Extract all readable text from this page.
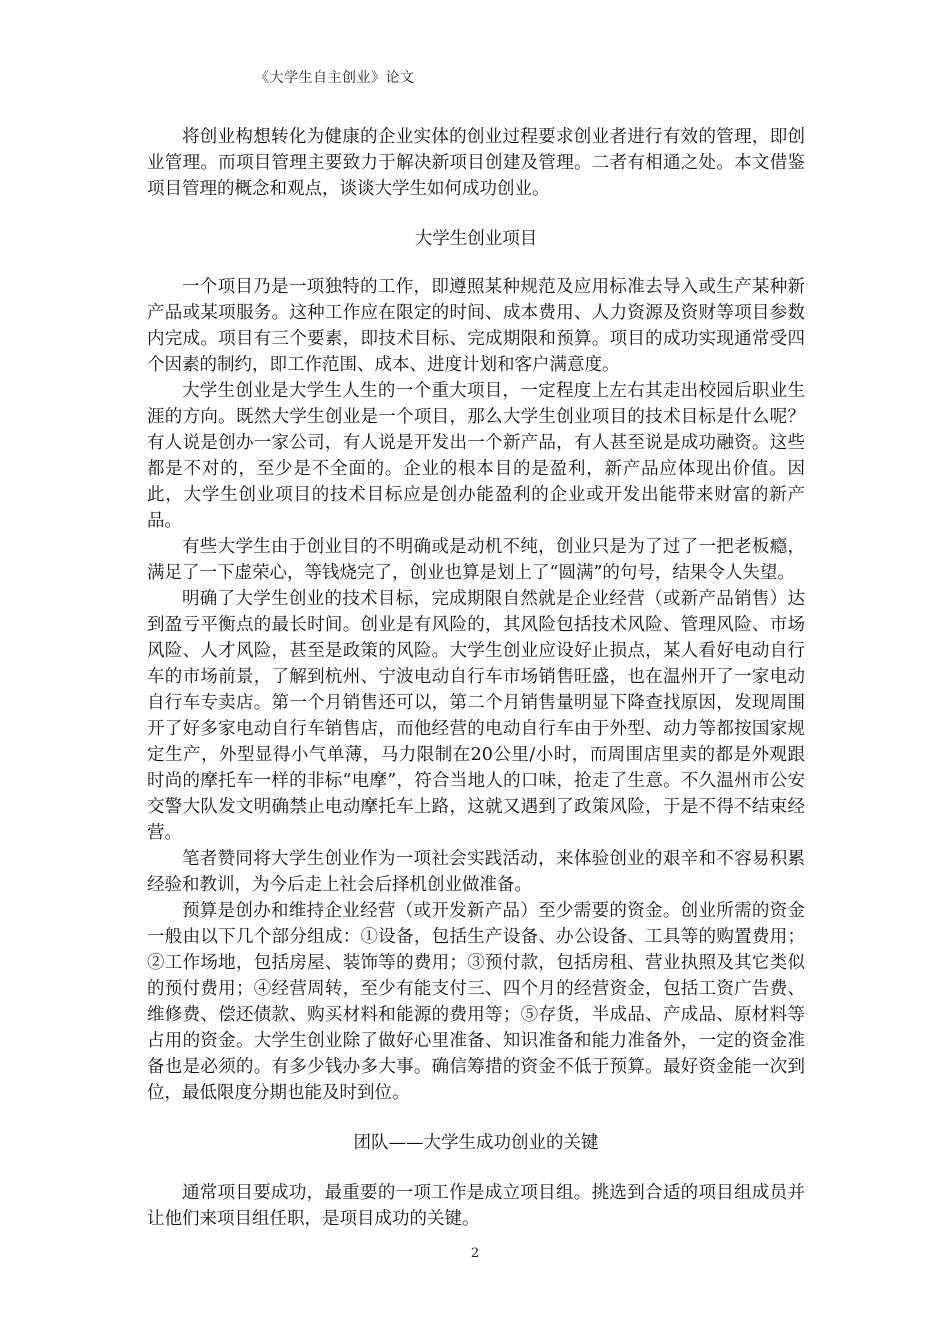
《大学生自主创业》论文

将创业构想转化为健康的企业实体的创业过程要求创业者进行有效的管理，即创业管理。而项目管理主要致力于解决新项目创建及管理。二者有相通之处。本文借鉴项目管理的概念和观点，谈谈大学生如何成功创业。

大学生创业项目

一个项目乃是一项独特的工作，即遵照某种规范及应用标准去导入或生产某种新产品或某项服务。这种工作应在限定的时间、成本费用、人力资源及资财等项目参数内完成。项目有三个要素，即技术目标、完成期限和预算。项目的成功实现通常受四个因素的制约，即工作范围、成本、进度计划和客户满意度。

大学生创业是大学生人生的一个重大项目，一定程度上左右其走出校园后职业生涯的方向。既然大学生创业是一个项目，那么大学生创业项目的技术目标是什么呢？有人说是创办一家公司，有人说是开发出一个新产品，有人甚至说是成功融资。这些都是不对的，至少是不全面的。企业的根本目的是盈利，新产品应体现出价值。因此，大学生创业项目的技术目标应是创办能盈利的企业或开发出能带来财富的新产品。

有些大学生由于创业目的不明确或是动机不纯，创业只是为了过了一把老板瘾，满足了一下虚荣心，等钱烧完了，创业也算是划上了“圆满”的句号，结果令人失望。

明确了大学生创业的技术目标，完成期限自然就是企业经营（或新产品销售）达到盈亏平衡点的最长时间。创业是有风险的，其风险包括技术风险、管理风险、市场风险、人才风险，甚至是政策的风险。大学生创业应设好止损点，某人看好电动自行车的市场前景，了解到杭州、宁波电动自行车市场销售旺盛，也在温州开了一家电动自行车专卖店。第一个月销售还可以，第二个月销售量明显下降查找原因，发现周围开了好多家电动自行车销售店，而他经营的电动自行车由于外型、动力等都按国家规定生产，外型显得小气单薄，马力限制在20公里/小时，而周围店里卖的都是外观跟时尚的摩托车一样的非标“电摩”，符合当地人的口味，抢走了生意。不久温州市公安交警大队发文明确禁止电动摩托车上路，这就又遇到了政策风险，于是不得不结束经营。

笔者赞同将大学生创业作为一项社会实践活动，来体验创业的艰辛和不容易积累经验和教训，为今后走上社会后择机创业做准备。

预算是创办和维持企业经营（或开发新产品）至少需要的资金。创业所需的资金一般由以下几个部分组成：①设备，包括生产设备、办公设备、工具等的购置费用；②工作场地，包括房屋、装饰等的费用；③预付款，包括房租、营业执照及其它类似的预付费用；④经营周转，至少有能支付三、四个月的经营资金，包括工资广告费、维修费、偿还债款、购买材料和能源的费用等；⑤存货，半成品、产成品、原材料等占用的资金。大学生创业除了做好心里准备、知识准备和能力准备外，一定的资金准备也是必须的。有多少钱办多大事。确信筹措的资金不低于预算。最好资金能一次到位，最低限度分期也能及时到位。

团队——大学生成功创业的关键

通常项目要成功，最重要的一项工作是成立项目组。挑选到合适的项目组成员并让他们来项目组任职，是项目成功的关键。

2
